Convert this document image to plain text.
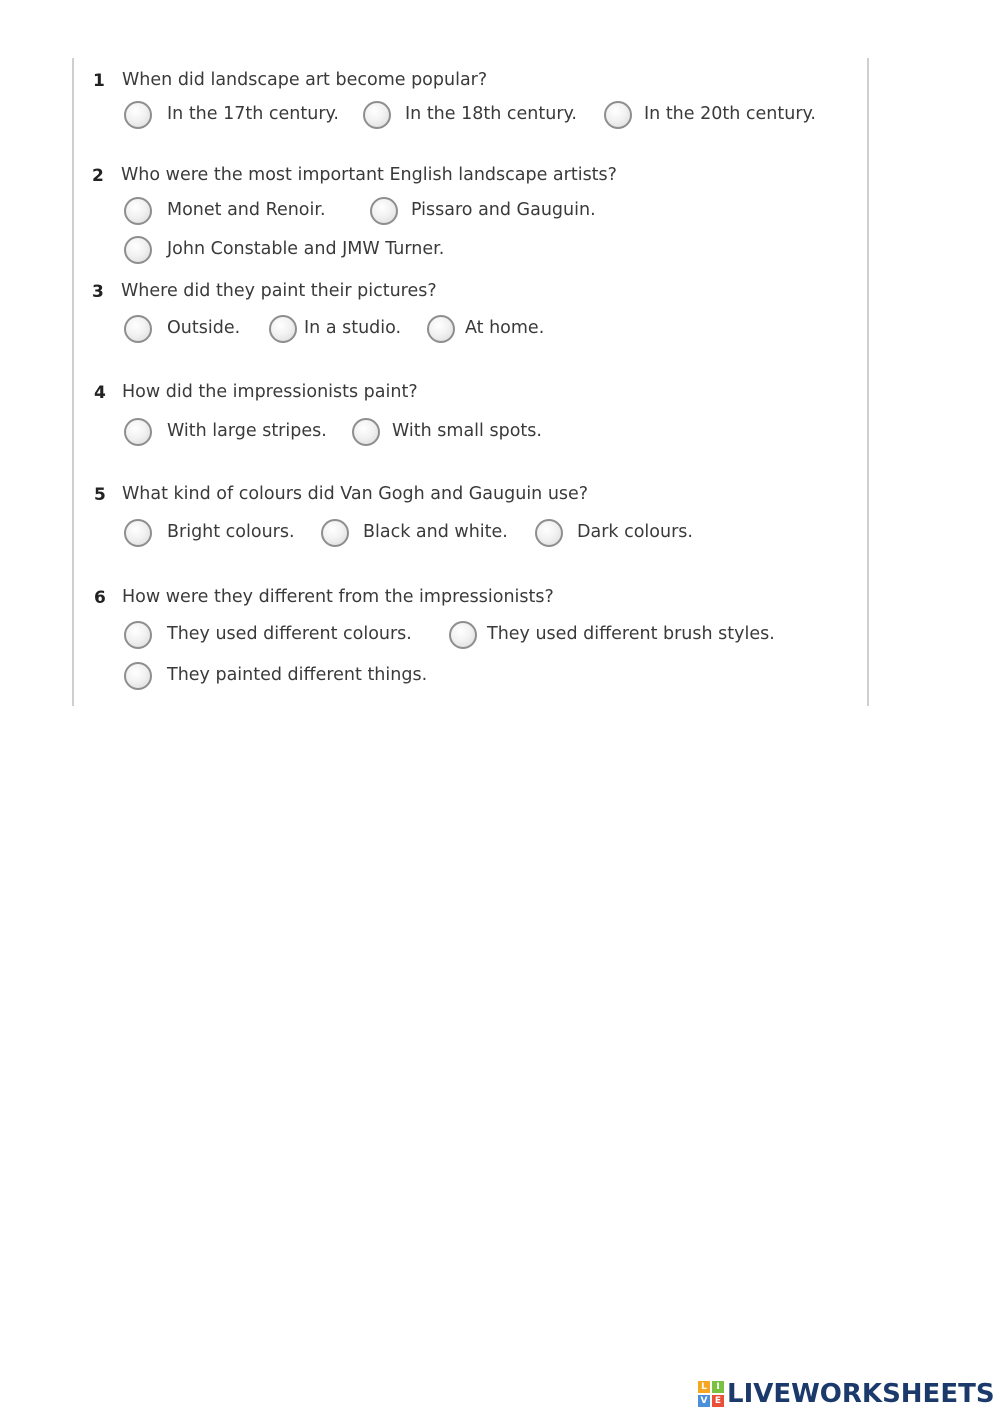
1 When did landscape art become popular?
In the 17th century.	In the 18th century.	In the 20th century.
2 Who were the most important English landscape artists?
Monet and Renoir.	Pissaro and Gauguin.
John Constable and JMW Turner.
3 Where did they paint their pictures?
Outside.	In a studio.	At home.
4 How did the impressionists paint?
With large stripes.	With small spots.
5 What kind of colours did Van Gogh and Gauguin use?
Bright colours.	Black and white.	Dark colours.
6 How were they different from the impressionists?
They used different colours.	They used different brush styles.
They painted different things.
L	I
V E LIVEWORKSHEETS
